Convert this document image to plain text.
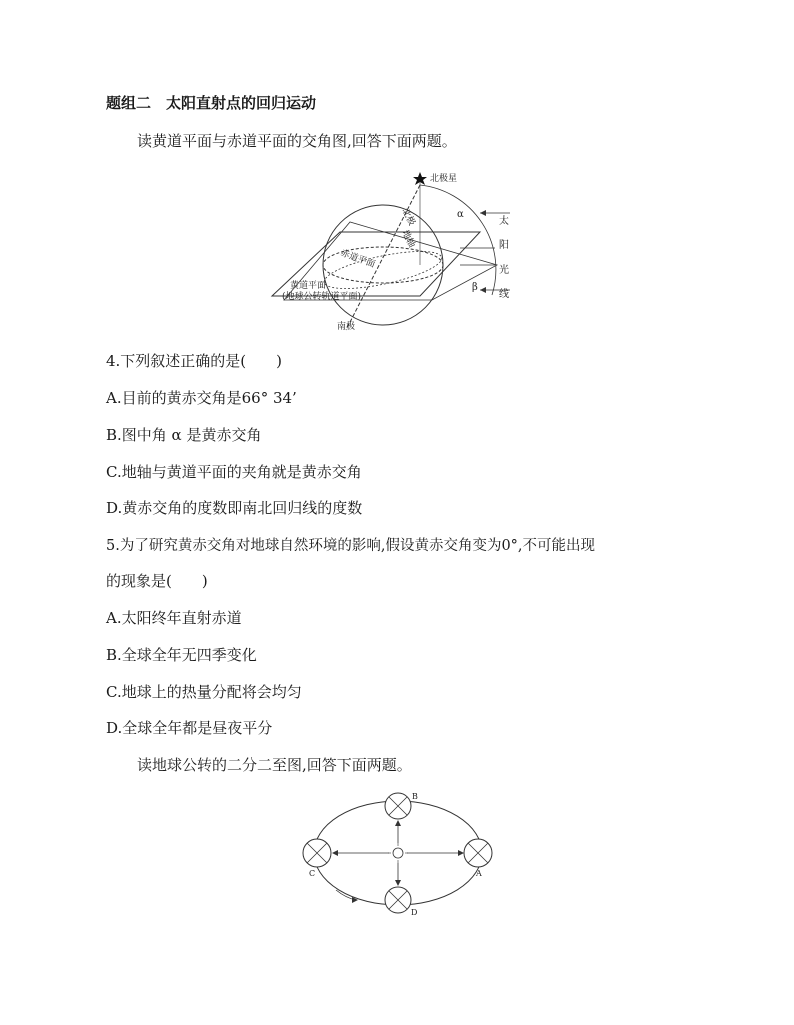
题组二　太阳直射点的回归运动
读黄道平面与赤道平面的交角图,回答下面两题。
北极星
北极
地轴
赤道平面
黄道平面
(地球公转轨道平面)
南极
α
β
太
阳
光
线
4.下列叙述正确的是(　　)
A.目前的黄赤交角是66° 34’
B.图中角 α 是黄赤交角
C.地轴与黄道平面的夹角就是黄赤交角
D.黄赤交角的度数即南北回归线的度数
5.为了研究黄赤交角对地球自然环境的影响,假设黄赤交角变为0°,不可能出现
的现象是(　　)
A.太阳终年直射赤道
B.全球全年无四季变化
C.地球上的热量分配将会均匀
D.全球全年都是昼夜平分
读地球公转的二分二至图,回答下面两题。
B
A
C
D
